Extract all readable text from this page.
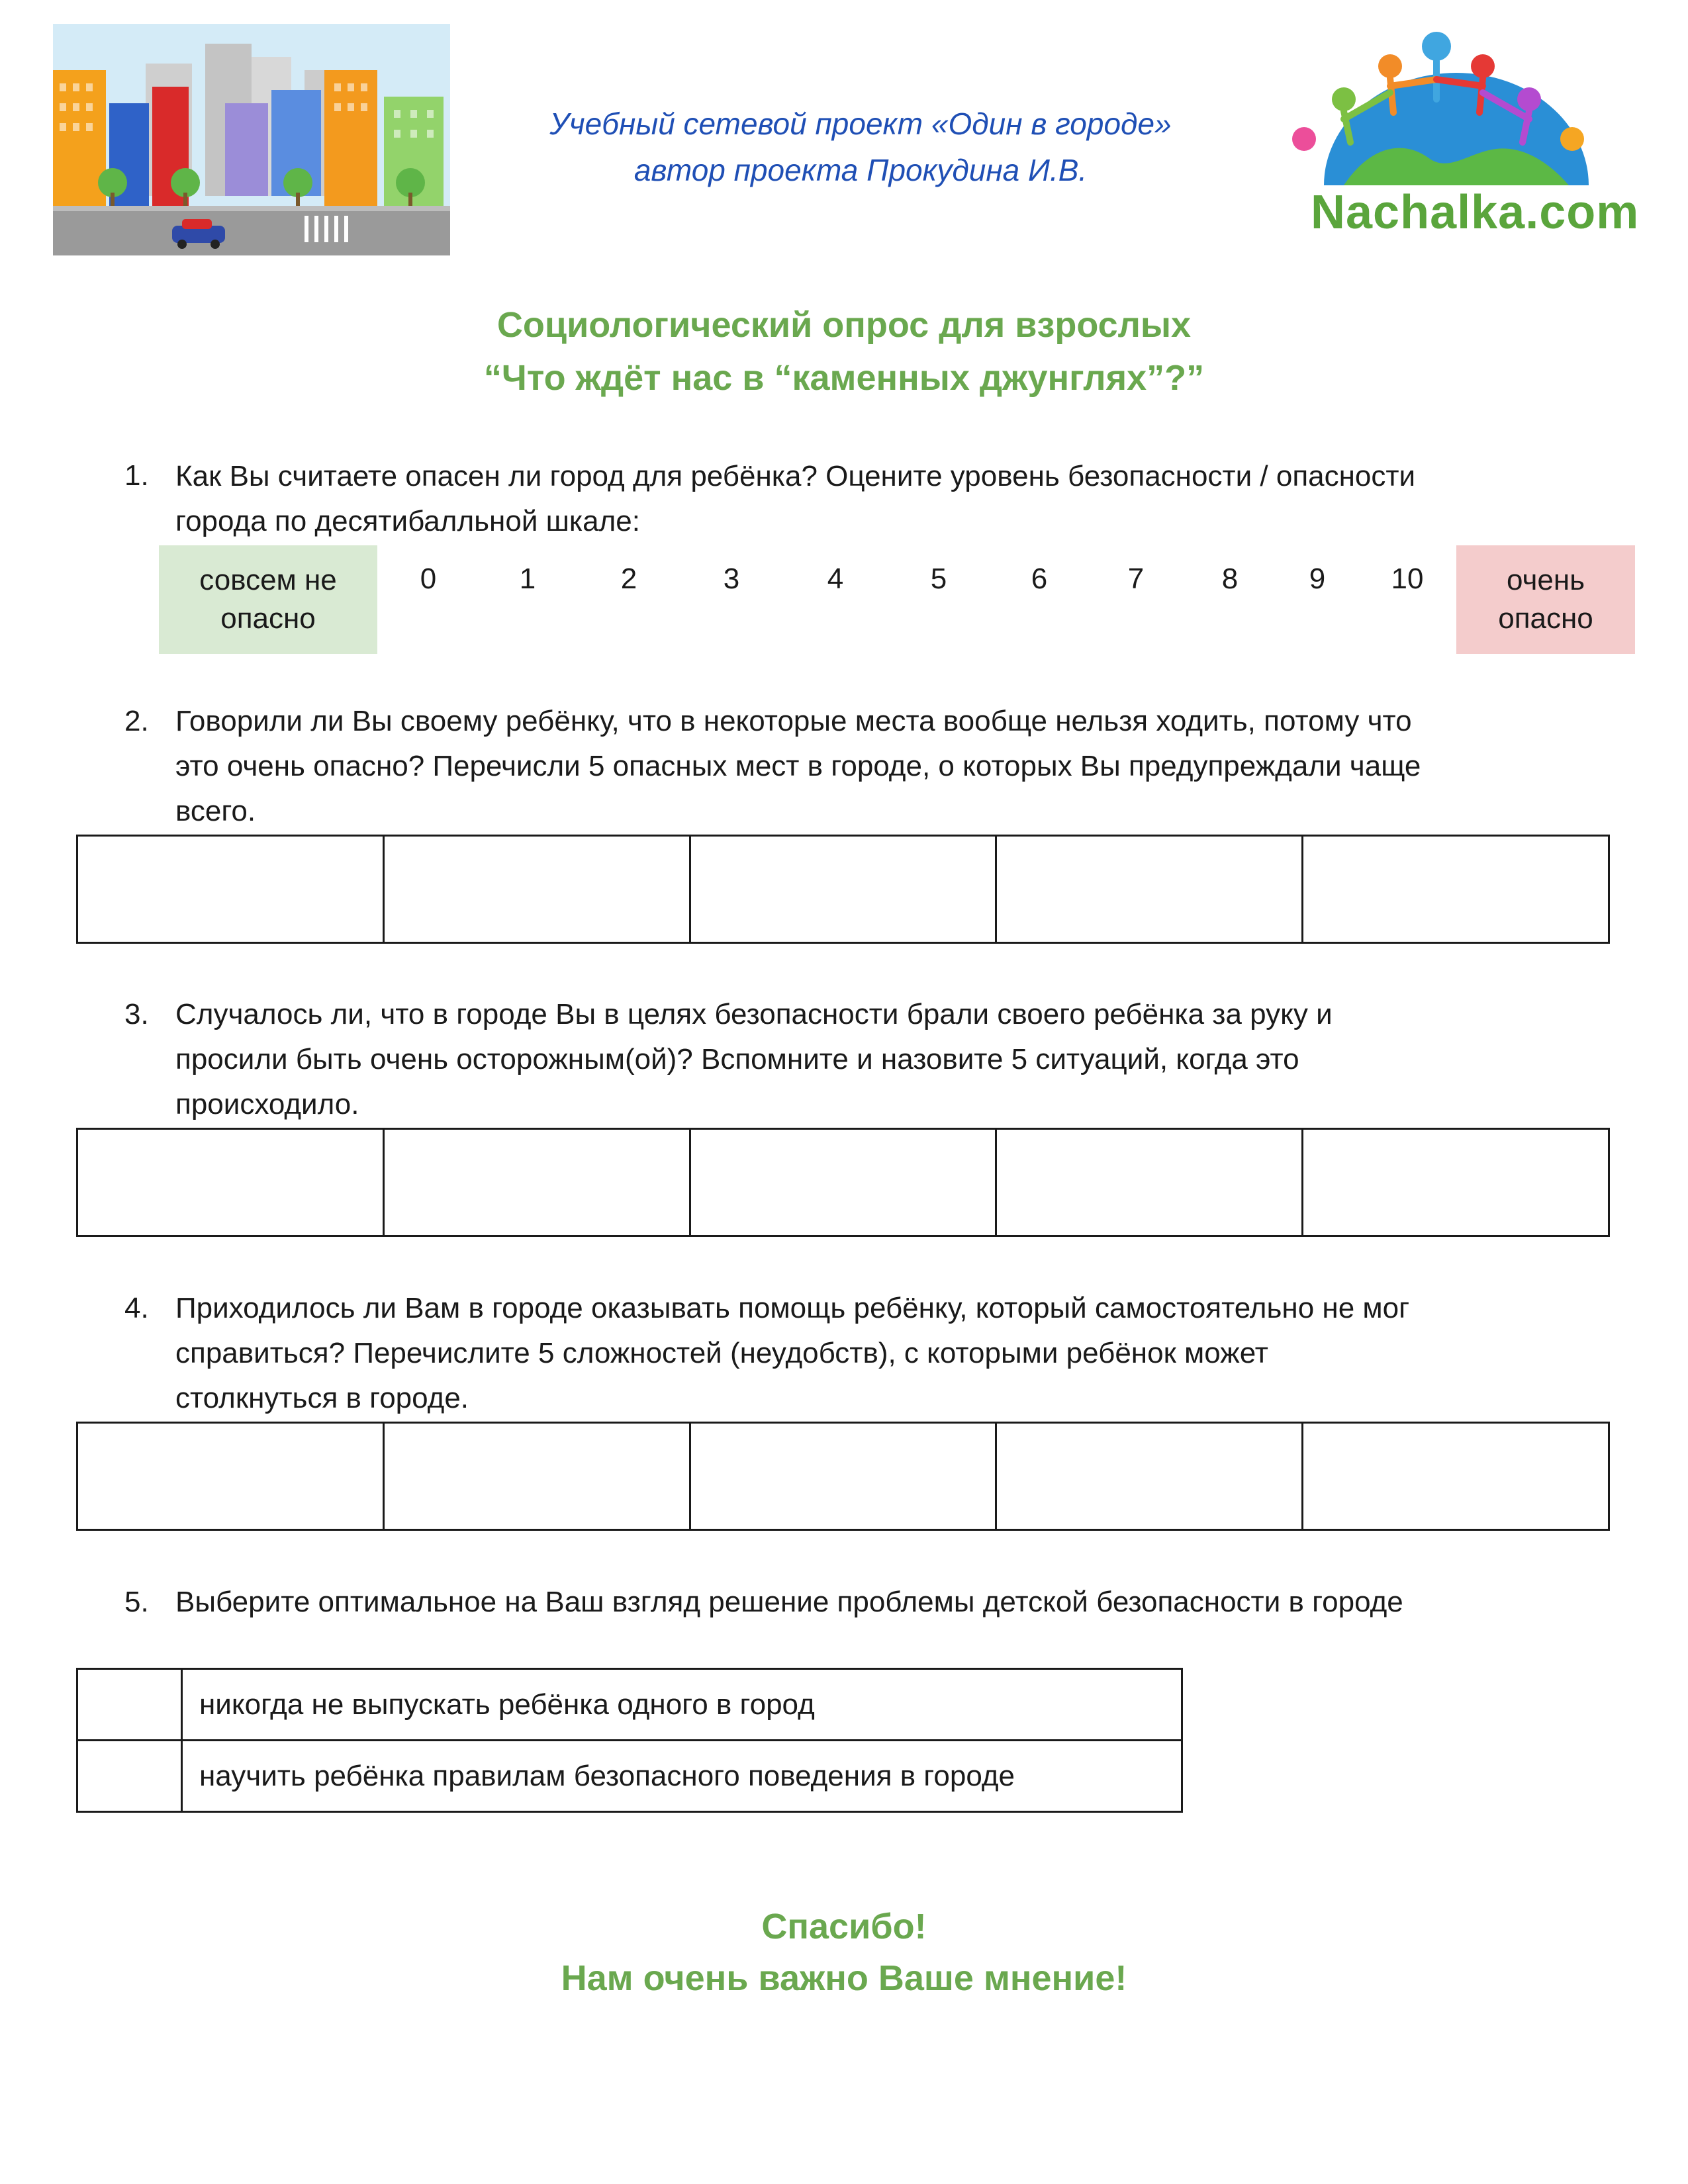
Учебный сетевой проект «Один в городе»
автор проекта Прокудина И.В.
Nachalka.com
Социологический опрос для взрослых
“Что ждёт нас в “каменных джунглях”?”
1. Как Вы считаете опасен ли город для ребёнка? Оцените уровень безопасности / опасности
города по десятибалльной шкале:
совсем не опасно
0	1	2	3	4	5	6	7	8	9	10	очень опасно
2. Говорили ли Вы своему ребёнку, что в некоторые места вообще нельзя ходить, потому что
это очень опасно? Перечисли 5 опасных мест в городе, о которых Вы предупреждали чаще
всего.
3. Случалось ли, что в городе Вы в целях безопасности брали своего ребёнка за руку и
просили быть очень осторожным(ой)? Вспомните и назовите 5 ситуаций, когда это
происходило.
4. Приходилось ли Вам в городе оказывать помощь ребёнку, который самостоятельно не мог
справиться? Перечислите 5 сложностей (неудобств), с которыми ребёнок может
столкнуться в городе.
5. Выберите оптимальное на Ваш взгляд решение проблемы детской безопасности в городе
никогда не выпускать ребёнка одного в город
научить ребёнка правилам безопасного поведения в городе
Спасибо!
Нам очень важно Ваше мнение!
